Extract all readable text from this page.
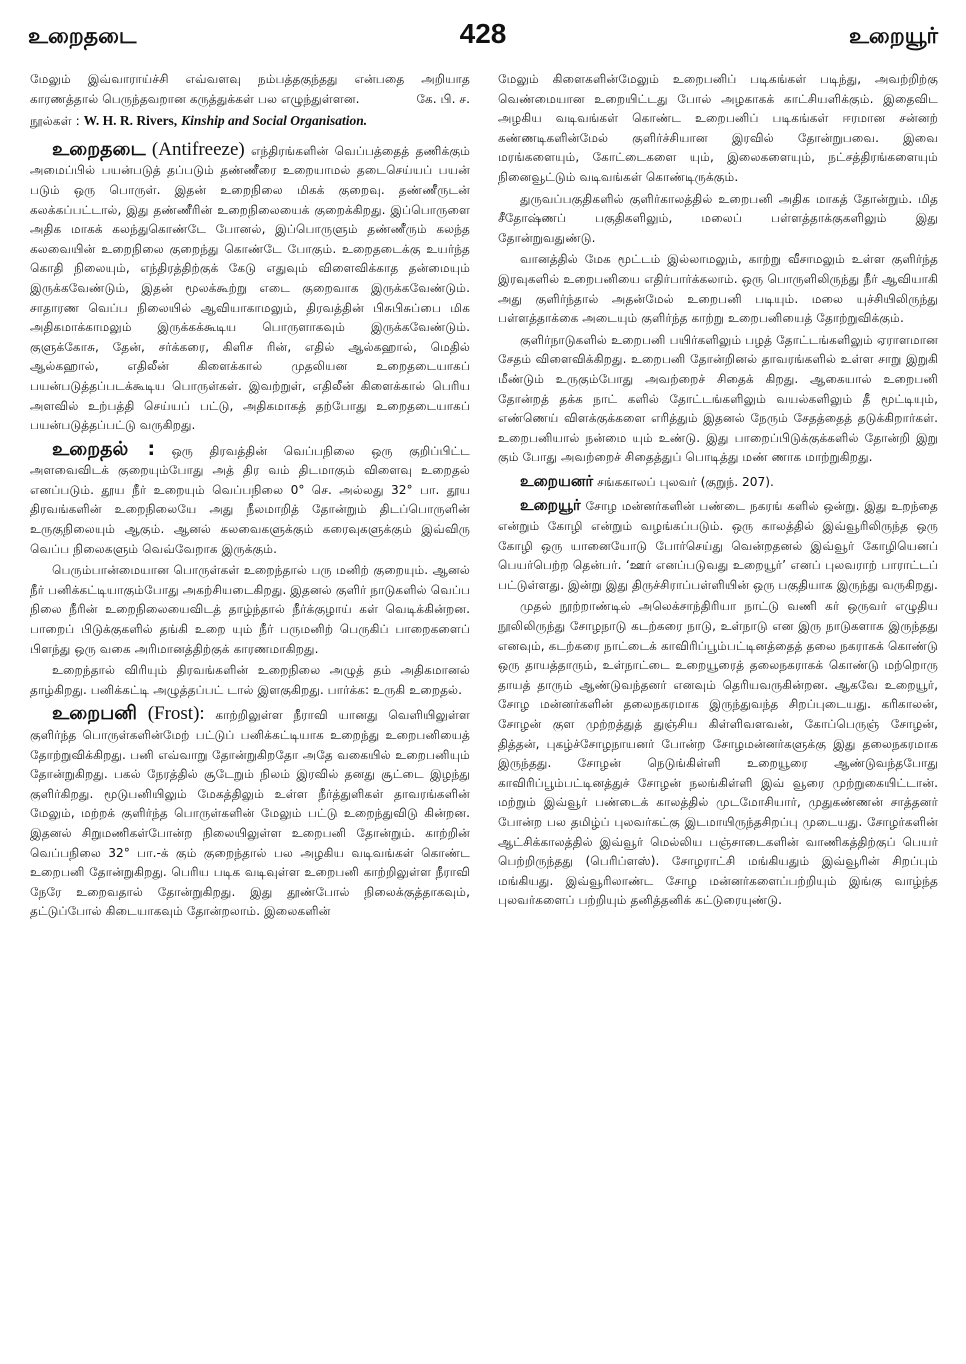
உறைதடை	428	உறையூர்

மேலும் இவ்வாராய்ச்சி எவ்வளவு நம்பத்தகுந்தது என்பதை அறியாத காரணத்தால் பெருந்தவறான கருத்துக்கள் பல எழுந்துள்ளன.	கே. பி. ச.

நூல்கள் : W. H. R. Rivers, Kinship and Social Organisation.

உறைதடை (Antifreeze) எந்திரங்களின் வெப்பத்தைத் தணிக்கும் அமைப்பில் பயன்படுத் தப்படும் தண்ணீரை உறையாமல் தடைசெய்யப் பயன் படும் ஒரு பொருள். இதன் உறைநிலை மிகக் குறைவு. தண்ணீருடன் கலக்கப்பட்டால், இது தண்ணீரின் உறைநிலையைக் குறைக்கிறது. இப்பொருளை அதிக மாகக் கலந்துகொண்டே போனல், இப்பொருளும் தண்ணீரும் கலந்த கலவையின் உறைநிலை குறைந்து கொண்டே போகும். உறைதடைக்கு உயர்ந்த கொதி நிலையும், எந்திரத்திற்குக் கேடு எதுவும் விளைவிக்காத தன்மையும் இருக்கவேண்டும், இதன் மூலக்கூற்று எடை குறைவாக இருக்கவேண்டும். சாதாரண வெப்ப நிலையில் ஆவியாகாமலும், திரவத்தின் பிசுபிசுப்பை மிக அதிகமாக்காமலும் இருக்கக்கூடிய பொருளாகவும் இருக்கவேண்டும். குளுக்கோசு, தேன், சர்க்கரை, கிளிச ரின், எதில் ஆல்கஹால், மெதில் ஆல்கஹால், எதிலீன் கிளைக்கால் முதலியன உறைதடையாகப் பயன்படுத்தப்படக்கூடிய பொருள்கள். இவற்றுள், எதிலீன் கிளைக்கால் பெரிய அளவில் உற்பத்தி செய்யப் பட்டு, அதிகமாகத் தற்போது உறைதடையாகப் பயன்படுத்தப்பட்டு வருகிறது.

உறைதல் : ஒரு திரவத்தின் வெப்பநிலை ஒரு குறிப்பிட்ட அளவைவிடக் குறையும்போது அத் திர வம் திடமாகும் விளைவு உறைதல் எனப்படும். தூய நீர் உறையும் வெப்பநிலை 0° செ. அல்லது 32° பா. தூய திரவங்களின் உறைநிலையே அது நீலமாறித் தோன்றும் திடப்பொருளின் உருகுநிலையும் ஆகும். ஆனல் கலவைகளுக்கும் கரைவுகளுக்கும் இவ்விரு வெப்ப நிலைகளும் வெவ்வேறாக இருக்கும்.

பெரும்பான்மையான பொருள்கள் உறைந்தால் பரு மனிற் குறையும். ஆனல் நீர் பனிக்கட்டியாகும்போது அகற்சியடைகிறது. இதனல் குளிர் நாடுகளில் வெப்ப நிலை நீரின் உறைநிலையைவிடத் தாழ்ந்தால் நீர்க்குழாய் கள் வெடிக்கின்றன. பாறைப் பிடுக்குகளில் தங்கி உறை யும் நீர் பருமனிற் பெருகிப் பாறைகளைப் பிளந்து ஒரு வகை அரிமானத்திற்குக் காரணமாகிறது.

உறைந்தால் விரியும் திரவங்களின் உறைநிலை அழுத் தம் அதிகமானல் தாழ்கிறது. பனிக்கட்டி அழுத்தப்பட் டால் இளகுகிறது. பார்க்க: உருகி உறைதல்.

உறைபனி (Frost): காற்றிலுள்ள நீராவி யானது வெளியிலுள்ள குளிர்ந்த பொருள்களின்மேற் பட்டுப் பனிக்கட்டியாக உறைந்து உறைபனியைத் தோற்றுவிக்கிறது. பனி எவ்வாறு தோன்றுகிறதோ அதே வகையில் உறைபனியும் தோன்றுகிறது. பகல் நேரத்தில் சூடேறும் நிலம் இரவில் தனது சூட்டை இழந்து குளிர்கிறது. மூடுபனியிலும் மேகத்திலும் உள்ள நீர்த்துளிகள் தாவரங்களின் மேலும், மற்றக் குளிர்ந்த பொருள்களின் மேலும் பட்டு உறைந்துவிடு கின்றன. இதனல் சிறுமணிகள்போன்ற நிலையிலுள்ள உறைபனி தோன்றும். காற்றின் வெப்பநிலை 32° பா.-க் கும் குறைந்தால் பல அழகிய வடிவங்கள் கொண்ட உறைபனி தோன்றுகிறது. பெரிய படிக வடிவுள்ள உறைபனி காற்றிலுள்ள நீராவி நேரே உறைவதால் தோன்றுகிறது. இது தூண்போல் நிலைக்குத்தாகவும், தட்டுப்போல் கிடையாகவும் தோன்றலாம். இலைகளின்

மேலும் கிளைகளின்மேலும் உறைபனிப் படிகங்கள் படிந்து, அவற்றிற்கு வெண்மையான உறையிட்டது போல் அழகாகக் காட்சியளிக்கும். இதைவிட அழகிய வடிவங்கள் கொண்ட உறைபனிப் படிகங்கள் ஈரமான சன்னற் கண்ணடிகளின்மேல் குளிர்ச்சியான இரவில் தோன்றுபவை. இவை மரங்களையும், கோட்டைகளை யும், இலைகளையும், நட்சத்திரங்களையும் நினைவூட்டும் வடிவங்கள் கொண்டிருக்கும்.

துருவப்பகுதிகளில் குளிர்காலத்தில் உறைபனி அதிக மாகத் தோன்றும். மித சீதோஷ்ணப் பகுதிகளிலும், மலைப் பள்ளத்தாக்குகளிலும் இது தோன்றுவதுண்டு.

வானத்தில் மேக மூட்டம் இல்லாமலும், காற்று வீசாமலும் உள்ள குளிர்ந்த இரவுகளில் உறைபனியை எதிர்பார்க்கலாம். ஒரு பொருளிலிருந்து நீர் ஆவியாகி அது குளிர்ந்தால் அதன்மேல் உறைபனி படியும். மலை யுச்சியிலிருந்து பள்ளத்தாக்கை அடையும் குளிர்ந்த காற்று உறைபனியைத் தோற்றுவிக்கும்.

குளிர்நாடுகளில் உறைபனி பயிர்களிலும் பழத் தோட்டங்களிலும் ஏராளமான சேதம் விளைவிக்கிறது. உறைபனி தோன்றினல் தாவரங்களில் உள்ள சாறு இறுகி மீண்டும் உருகும்போது அவற்றைச் சிதைக் கிறது. ஆகையால் உறைபனி தோன்றத் தக்க நாட் களில் தோட்டங்களிலும் வயல்களிலும் தீ மூட்டியும், எண்ணெய் விளக்குக்களை எரித்தும் இதனல் நேரும் சேதத்தைத் தடுக்கிறார்கள். உறைபனியால் நன்மை யும் உண்டு. இது பாறைப்பிடுக்குக்களில் தோன்றி இறு கும் போது அவற்றைச் சிதைத்துப் பொடித்து மண் ணாக மாற்றுகிறது.

உறையனர் சங்ககாலப் புலவர் (குறுந். 207).

உறையூர் சோழ மன்னர்களின் பண்டை நகரங் களில் ஒன்று. இது உறந்தை என்றும் கோழி என்றும் வழங்கப்படும். ஒரு காலத்தில் இவ்வூரிலிருந்த ஒரு கோழி ஒரு யானையோடு போர்செய்து வென்றதனல் இவ்வூர் கோழியெனப் பெயர்பெற்ற தென்பர். ‘ஊர் எனப்படுவது உறையூர்’ எனப் புலவராற் பாராட்டப் பட்டுள்ளது. இன்று இது திருச்சிராப்பள்ளியின் ஒரு பகுதியாக இருந்து வருகிறது.

முதல் நூற்றாண்டில் அலெக்சாந்திரியா நாட்டு வணி கர் ஒருவர் எழுதிய நூலிலிருந்து சோழநாடு கடற்கரை நாடு, உள்நாடு என இரு நாடுகளாக இருந்தது எனவும், கடற்கரை நாட்டைக் காவிரிப்பூம்பட்டினத்தைத் தலை நகராகக் கொண்டு ஒரு தாயத்தாரும், உள்நாட்டை உறையூரைத் தலைநகராகக் கொண்டு மற்றொரு தாயத் தாரும் ஆண்டுவந்தனர் எனவும் தெரியவருகின்றன. ஆகவே உறையூர், சோழ மன்னர்களின் தலைநகரமாக இருந்துவந்த சிறப்புடையது. கரிகாலன், சோழன் குள முற்றத்துத் துஞ்சிய கிள்ளிவளவன், கோப்பெருஞ் சோழன், தித்தன், புகழ்ச்சோழநாயனர் போன்ற சோழமன்னர்களுக்கு இது தலைநகரமாக இருந்தது. சோழன் நெடுங்கிள்ளி உறையூரை ஆண்டுவந்தபோது காவிரிப்பூம்பட்டினத்துச் சோழன் நலங்கிள்ளி இவ் வூரை முற்றுகையிட்டான். மற்றும் இவ்வூர் பண்டைக் காலத்தில் முடமோசியார், முதுகண்ணன் சாத்தனர் போன்ற பல தமிழ்ப் புலவர்கட்கு இடமாயிருந்தசிறப்பு முடையது. சோழர்களின் ஆட்சிக்காலத்தில் இவ்வூர் மெல்லிய பஞ்சாடைகளின் வாணிகத்திற்குப் பெயர் பெற்றிருந்தது (பெரிப்ளஸ்). சோழராட்சி மங்கியதும் இவ்வூரின் சிறப்பும் மங்கியது. இவ்வூரிலாண்ட சோழ மன்னர்களைப்பற்றியும் இங்கு வாழ்ந்த புலவர்களைப் பற்றியும் தனித்தனிக் கட்டுரையுண்டு.
